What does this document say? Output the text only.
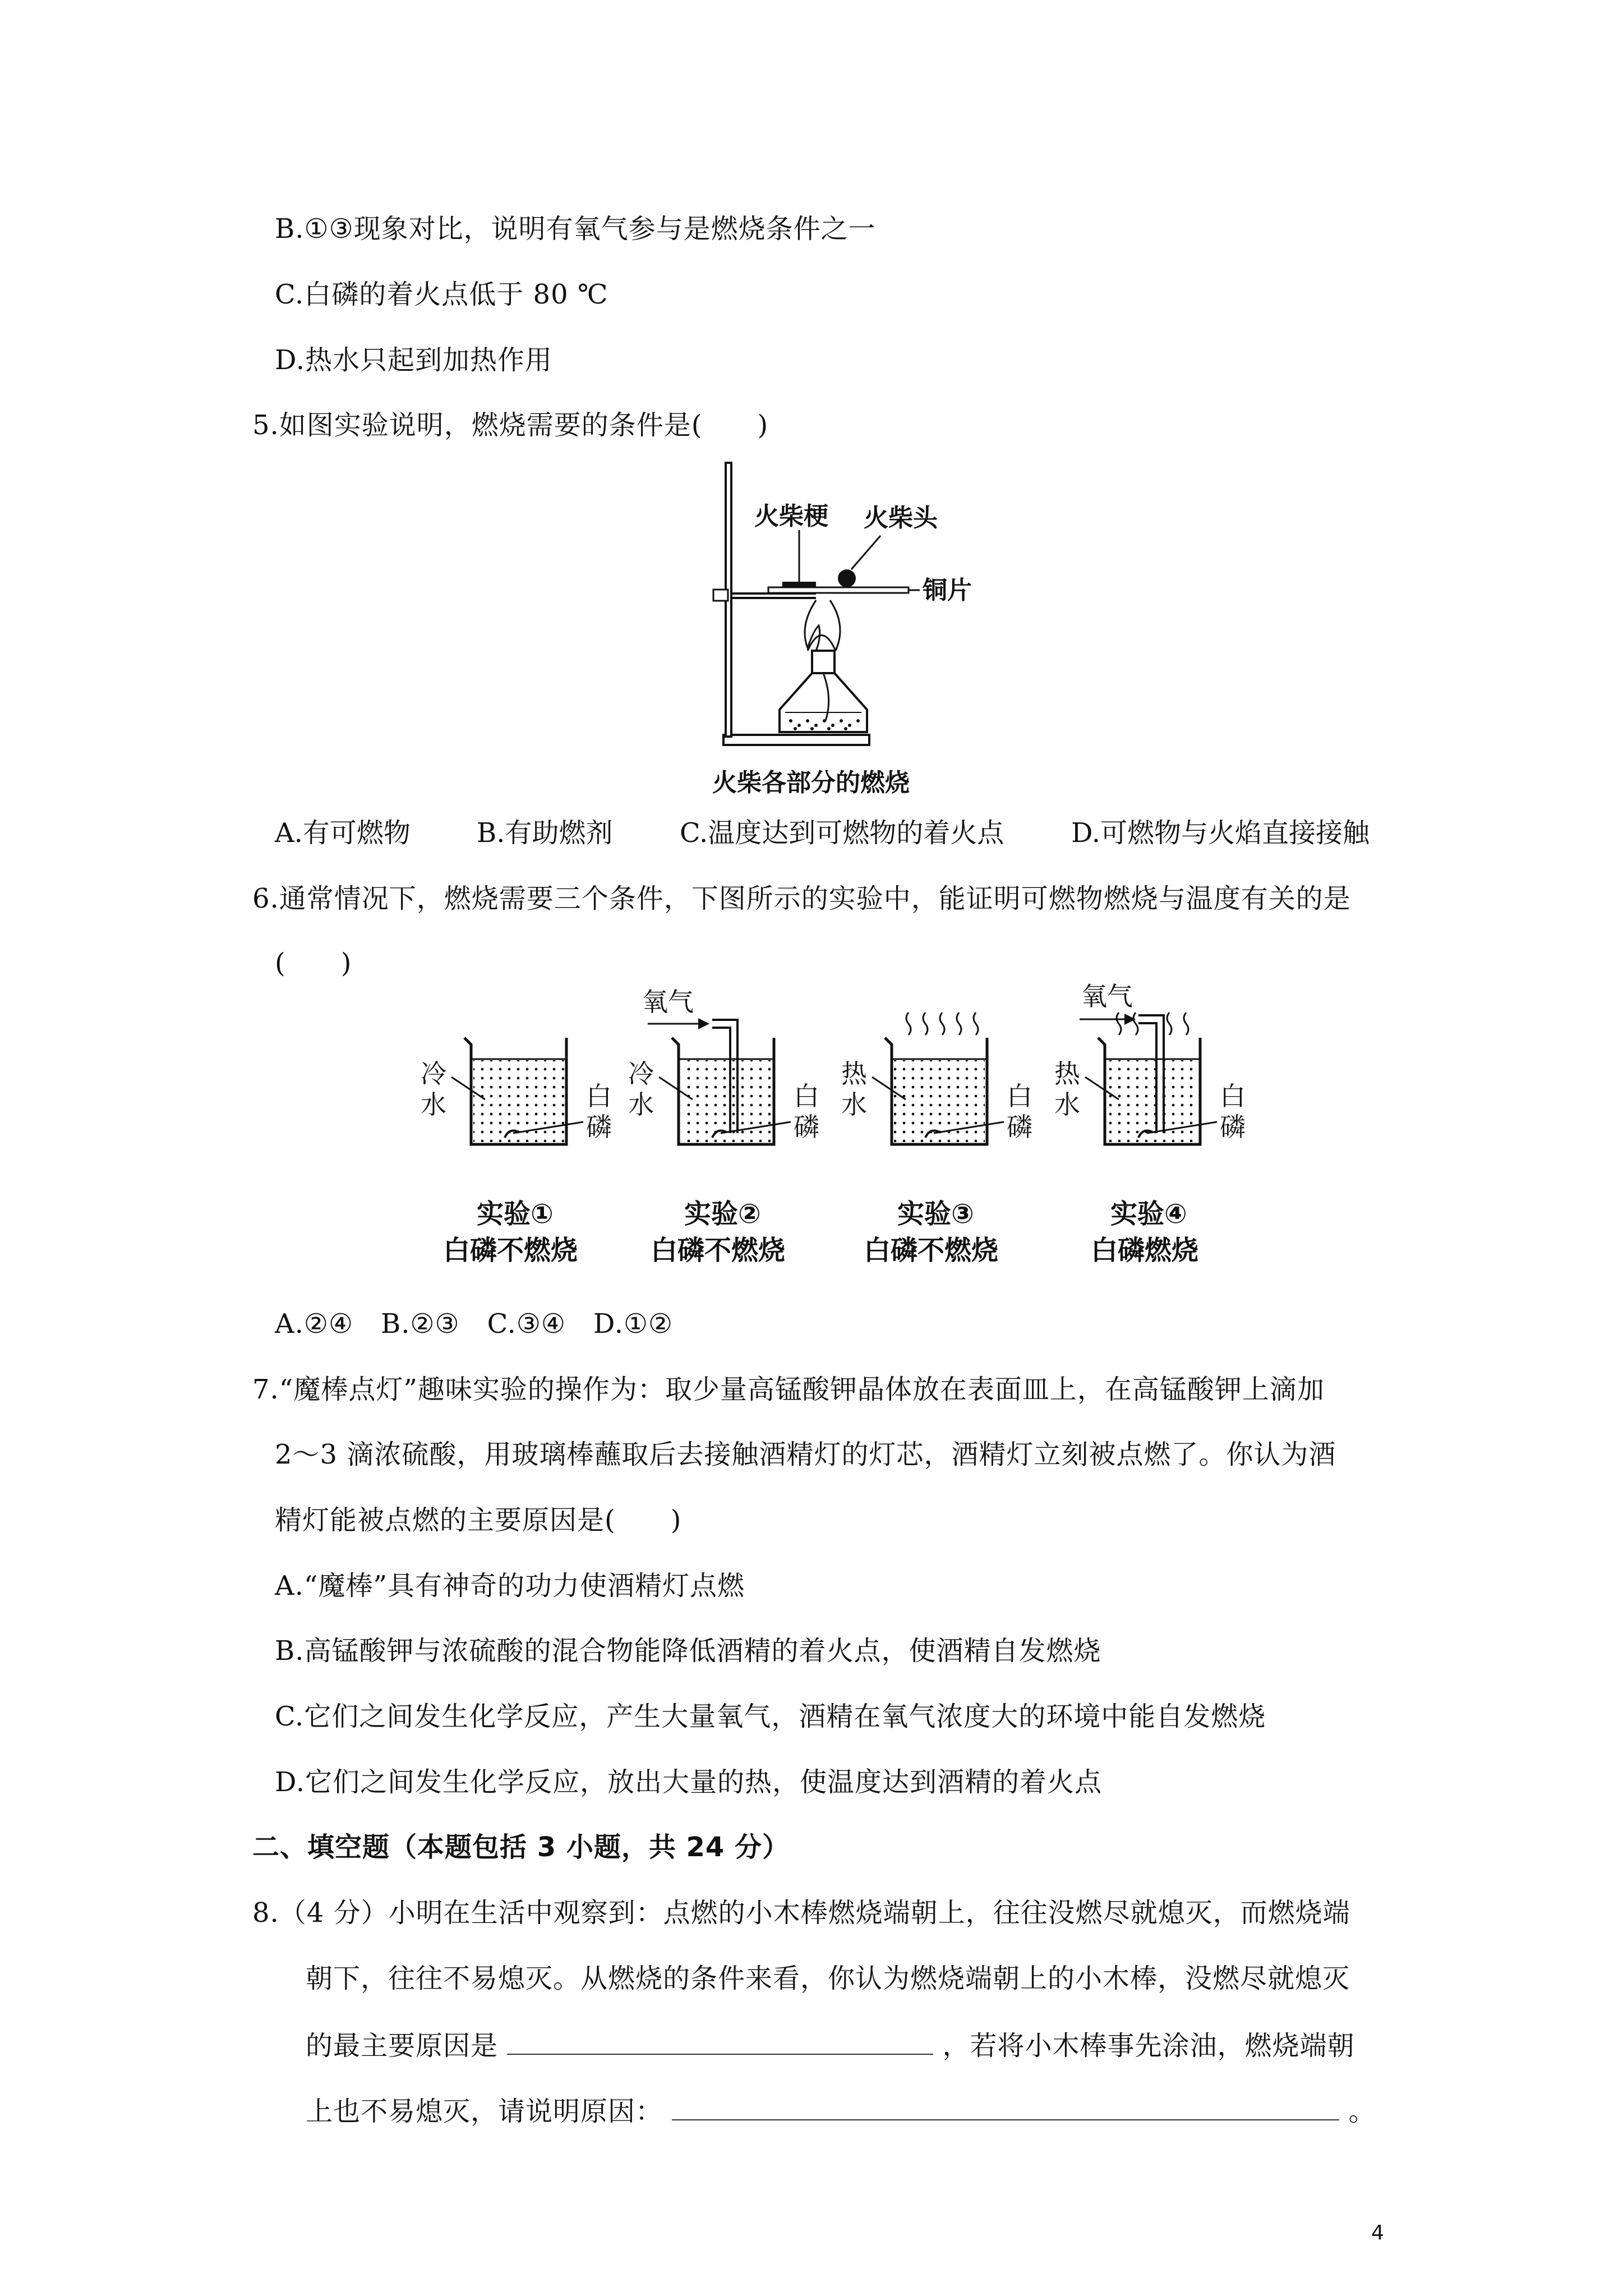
B.①③现象对比，说明有氧气参与是燃烧条件之一
C.白磷的着火点低于 80 ℃
D.热水只起到加热作用
5.如图实验说明，燃烧需要的条件是(　　)
火柴梗 火柴头
铜片
火柴各部分的燃烧
A.有可燃物 B.有助燃剂 C.温度达到可燃物的着火点 D.可燃物与火焰直接接触
6.通常情况下，燃烧需要三个条件，下图所示的实验中，能证明可燃物燃烧与温度有关的是
(　　)
冷
水	白
磷
实验①
白磷不燃烧
氧气
冷
水	白
磷
实验②
白磷不燃烧
热
水	白
磷
实验③
白磷不燃烧
氧气
热
水	白
磷
实验④
白磷燃烧
A.②④　B.②③　C.③④　D.①②
7.“魔棒点灯”趣味实验的操作为：取少量高锰酸钾晶体放在表面皿上，在高锰酸钾上滴加
2～3 滴浓硫酸，用玻璃棒蘸取后去接触酒精灯的灯芯，酒精灯立刻被点燃了。你认为酒
精灯能被点燃的主要原因是(　　)
A.“魔棒”具有神奇的功力使酒精灯点燃
B.高锰酸钾与浓硫酸的混合物能降低酒精的着火点，使酒精自发燃烧
C.它们之间发生化学反应，产生大量氧气，酒精在氧气浓度大的环境中能自发燃烧
D.它们之间发生化学反应，放出大量的热，使温度达到酒精的着火点
二、填空题（本题包括 3 小题，共 24 分）
8.（4 分）小明在生活中观察到：点燃的小木棒燃烧端朝上，往往没燃尽就熄灭，而燃烧端
朝下，往往不易熄灭。从燃烧的条件来看，你认为燃烧端朝上的小木棒，没燃尽就熄灭
的最主要原因是	，若将小木棒事先涂油，燃烧端朝
上也不易熄灭，请说明原因：	。
4
